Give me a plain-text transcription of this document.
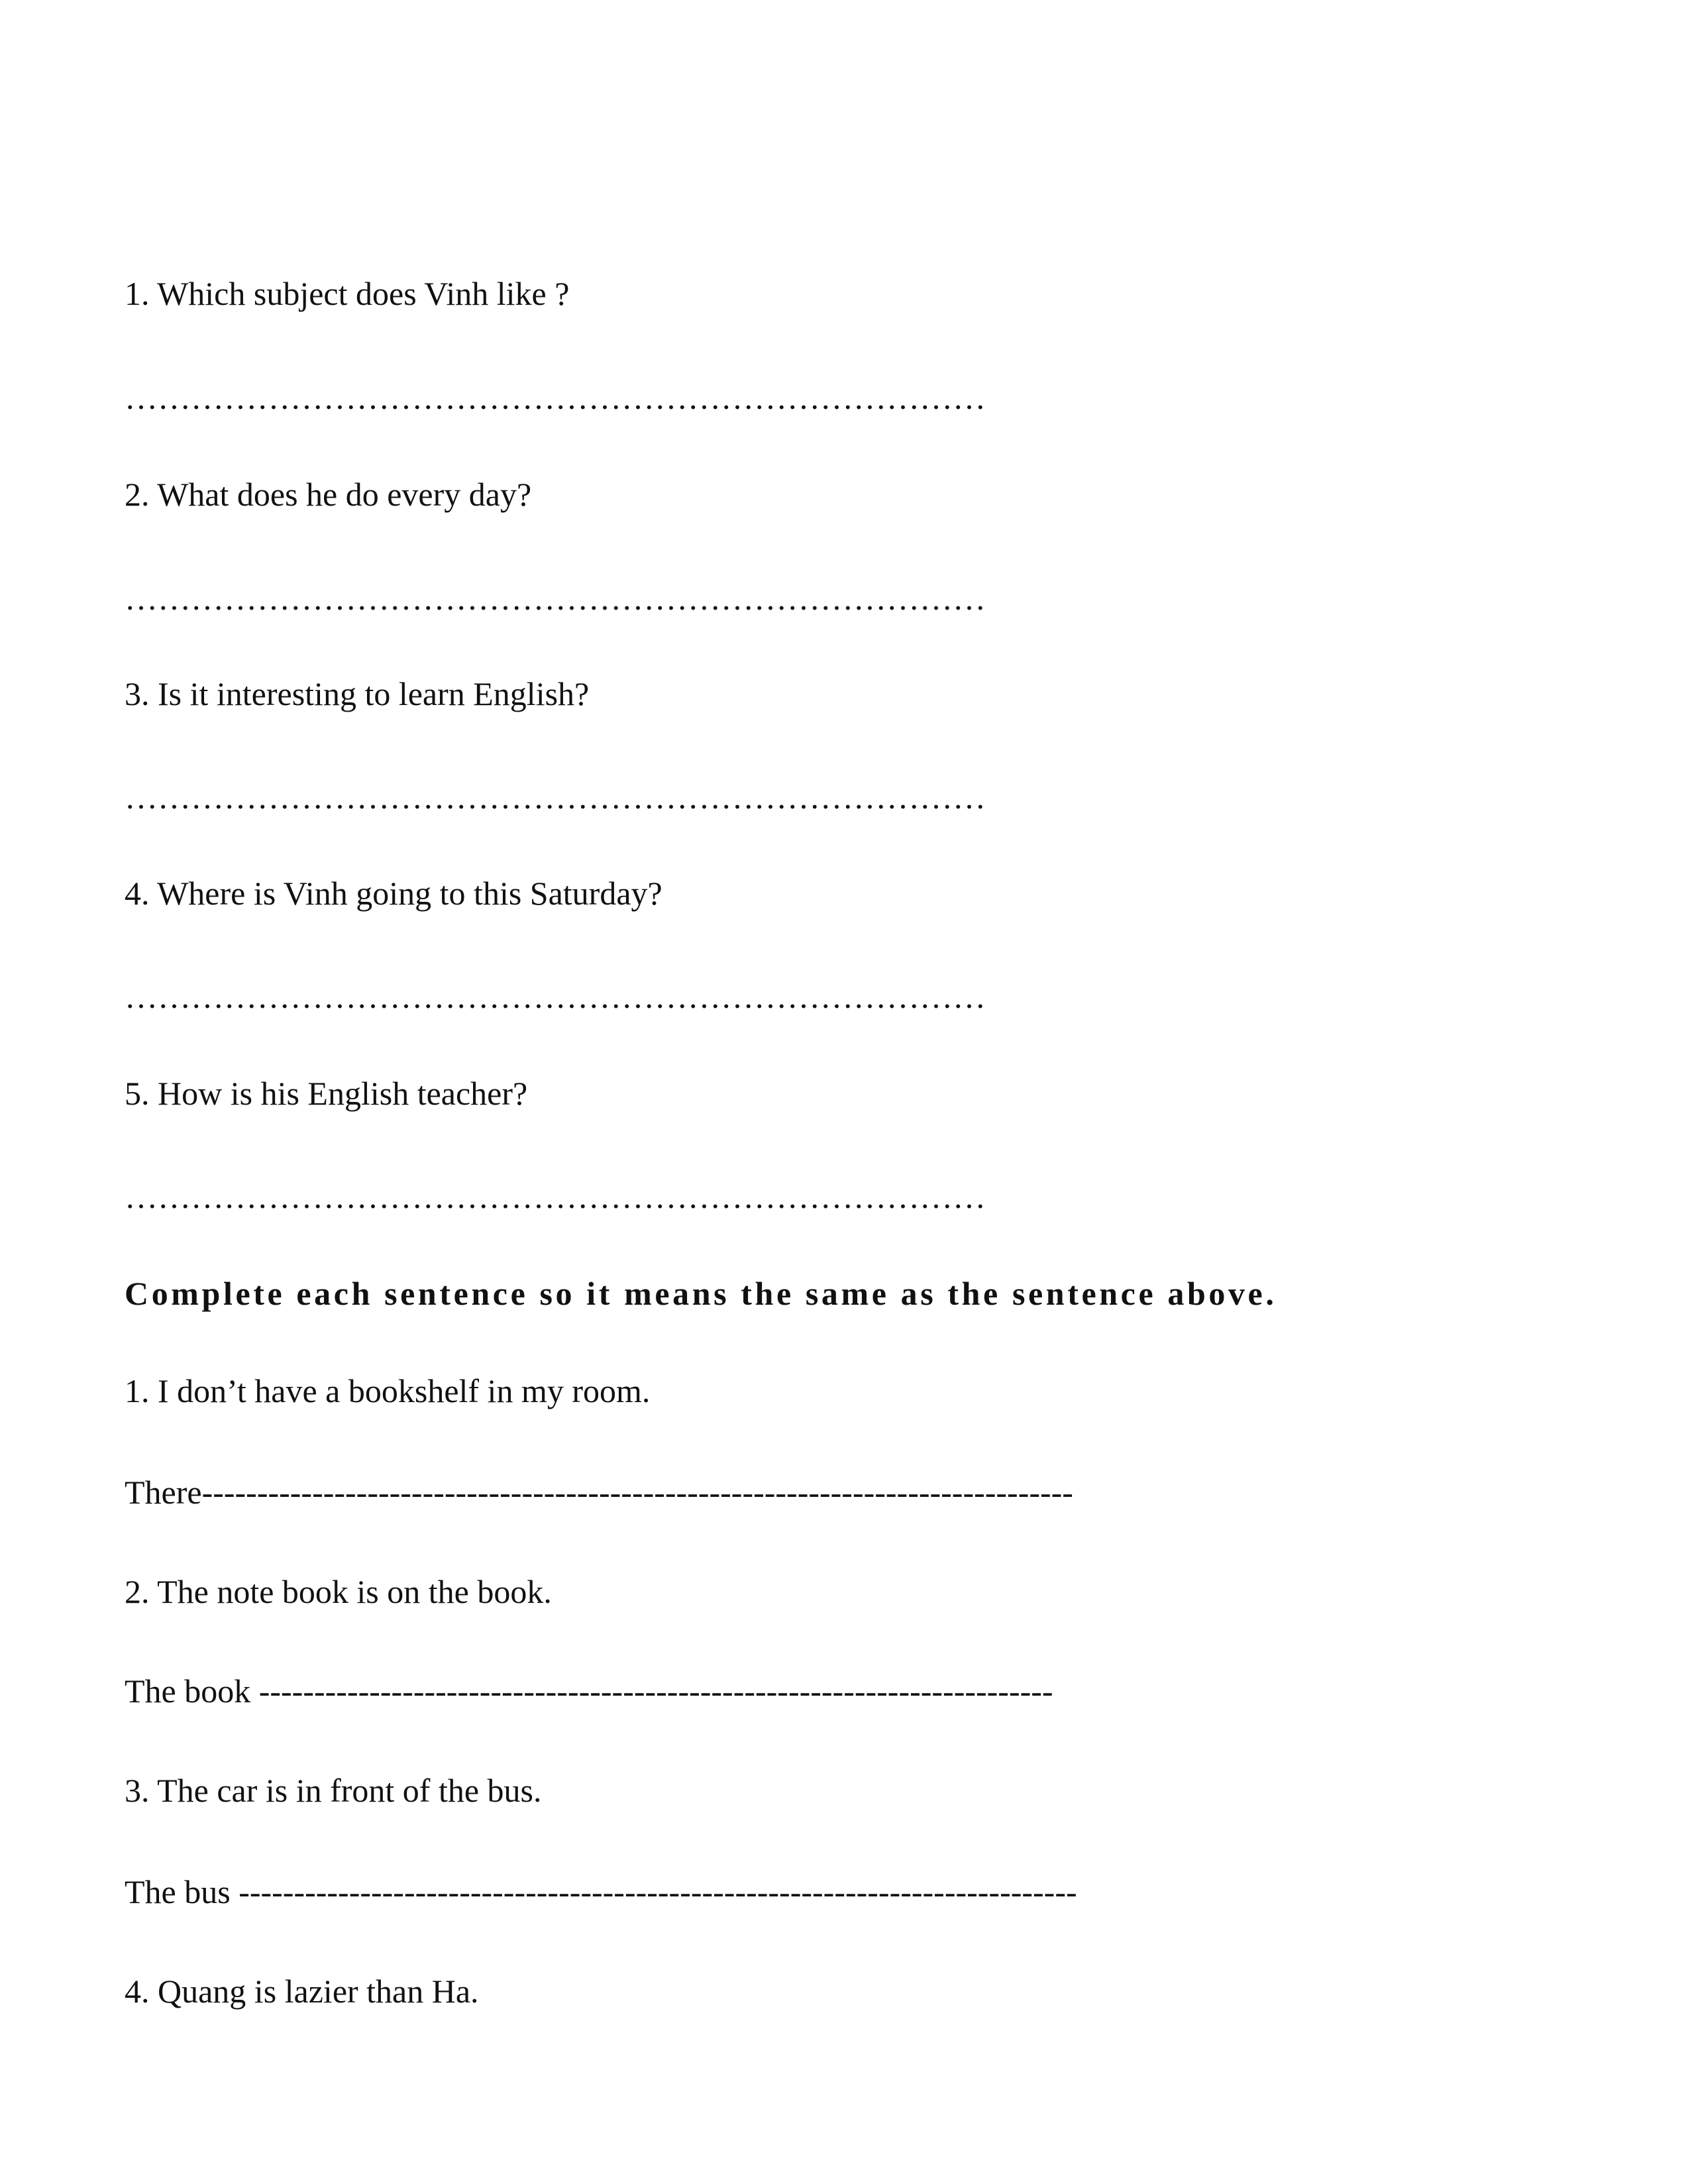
1. Which subject does Vinh like ?
……………………………………………………………………
2. What does he do every day?
……………………………………………………………………
3. Is it interesting to learn English?
……………………………………………………………………
4. Where is Vinh going to this Saturday?
……………………………………………………………………
5. How is his English teacher?
……………………………………………………………………
Complete each sentence so it means the same as the sentence above.
1. I don’t have a bookshelf in my room.
There-------------------------------------------------------------------------------
2. The note book is on the book.
The book ------------------------------------------------------------------------
3. The car is in front of the bus.
The bus ----------------------------------------------------------------------------
4. Quang is lazier than Ha.
